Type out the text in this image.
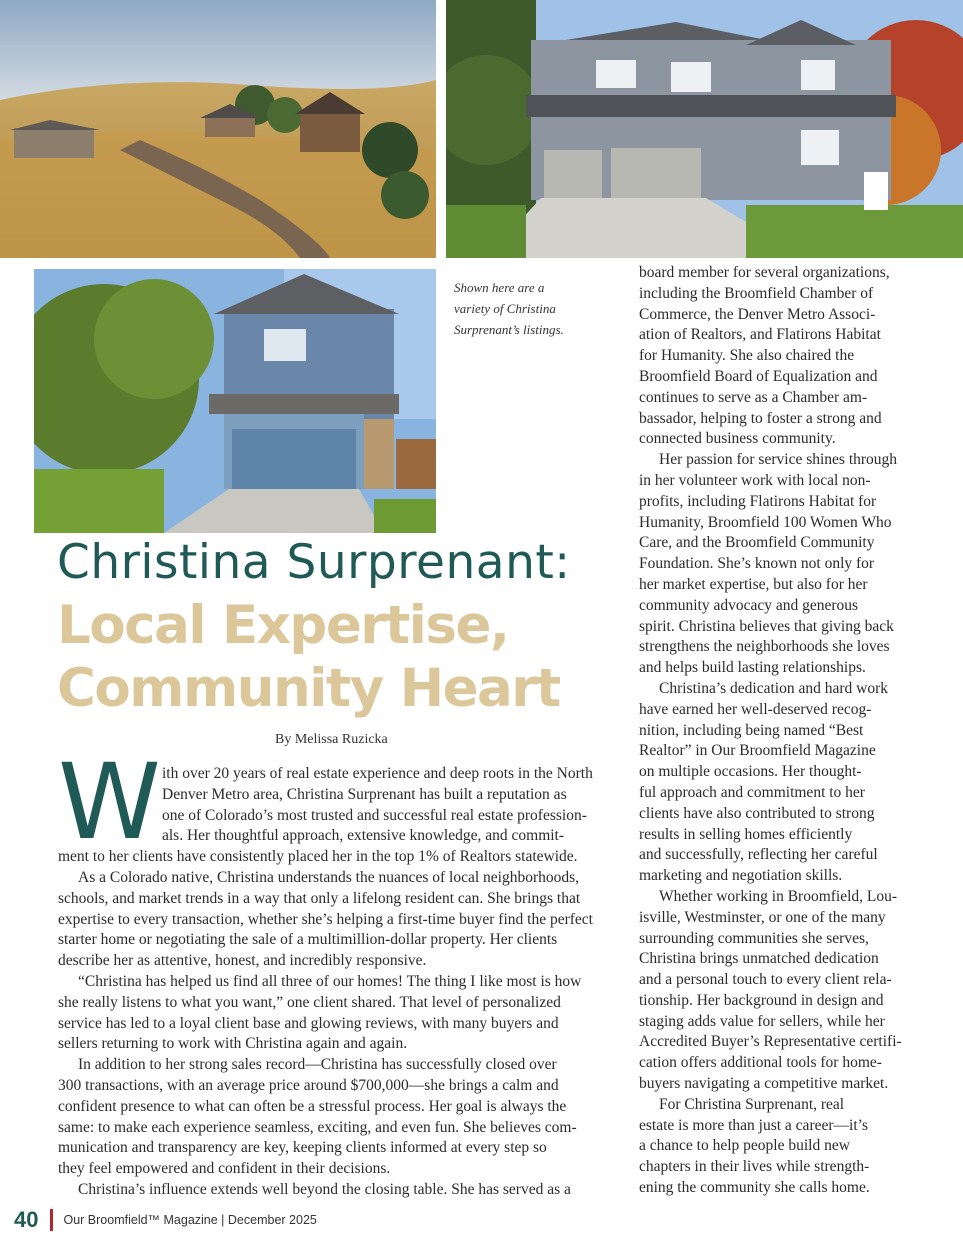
Shown here are a
variety of Christina
Surprenant’s listings.
Christina Surprenant:
Local Expertise,
Community Heart
By Melissa Ruzicka
W ith over 20 years of real estate experience and deep roots in the North
Denver Metro area, Christina Surprenant has built a reputation as
one of Colorado’s most trusted and successful real estate profession-
als. Her thoughtful approach, extensive knowledge, and commit-
ment to her clients have consistently placed her in the top 1% of Realtors statewide.
As a Colorado native, Christina understands the nuances of local neighborhoods,
schools, and market trends in a way that only a lifelong resident can. She brings that
expertise to every transaction, whether she’s helping a first-time buyer find the perfect
starter home or negotiating the sale of a multimillion-dollar property. Her clients
describe her as attentive, honest, and incredibly responsive.
“Christina has helped us find all three of our homes! The thing I like most is how
she really listens to what you want,” one client shared. That level of personalized
service has led to a loyal client base and glowing reviews, with many buyers and
sellers returning to work with Christina again and again.
In addition to her strong sales record—Christina has successfully closed over
300 transactions, with an average price around $700,000—she brings a calm and
confident presence to what can often be a stressful process. Her goal is always the
same: to make each experience seamless, exciting, and even fun. She believes com-
munication and transparency are key, keeping clients informed at every step so
they feel empowered and confident in their decisions.
Christina’s influence extends well beyond the closing table. She has served as a
board member for several organizations,
including the Broomfield Chamber of
Commerce, the Denver Metro Associ-
ation of Realtors, and Flatirons Habitat
for Humanity. She also chaired the
Broomfield Board of Equalization and
continues to serve as a Chamber am-
bassador, helping to foster a strong and
connected business community.
Her passion for service shines through
in her volunteer work with local non-
profits, including Flatirons Habitat for
Humanity, Broomfield 100 Women Who
Care, and the Broomfield Community
Foundation. She’s known not only for
her market expertise, but also for her
community advocacy and generous
spirit. Christina believes that giving back
strengthens the neighborhoods she loves
and helps build lasting relationships.
Christina’s dedication and hard work
have earned her well-deserved recog-
nition, including being named “Best
Realtor” in Our Broomfield Magazine
on multiple occasions. Her thought-
ful approach and commitment to her
clients have also contributed to strong
results in selling homes efficiently
and successfully, reflecting her careful
marketing and negotiation skills.
Whether working in Broomfield, Lou-
isville, Westminster, or one of the many
surrounding communities she serves,
Christina brings unmatched dedication
and a personal touch to every client rela-
tionship. Her background in design and
staging adds value for sellers, while her
Accredited Buyer’s Representative certifi-
cation offers additional tools for home-
buyers navigating a competitive market.
For Christina Surprenant, real
estate is more than just a career—it’s
a chance to help people build new
chapters in their lives while strength-
ening the community she calls home.
40 Our Broomfield™ Magazine | December 2025
